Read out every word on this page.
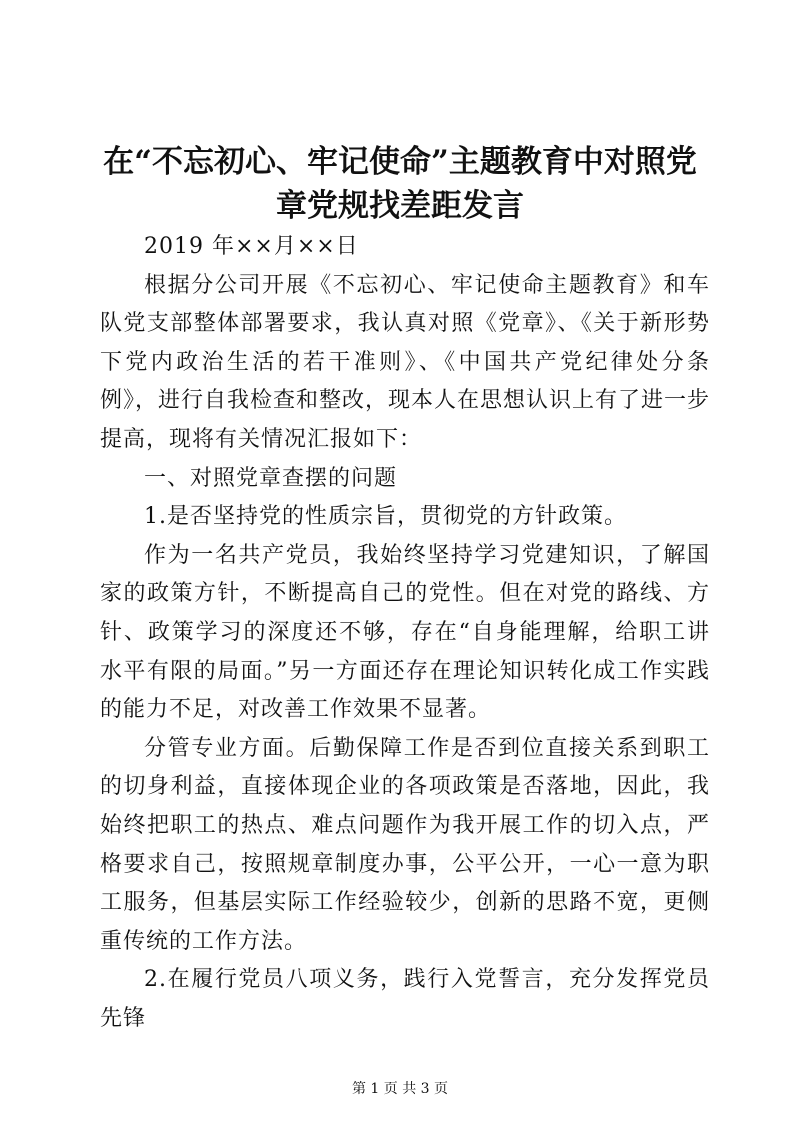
在“不忘初心、牢记使命”主题教育中对照党章党规找差距发言

2019 年××月××日

根据分公司开展《不忘初心、牢记使命主题教育》和车队党支部整体部署要求，我认真对照《党章》、《关于新形势下党内政治生活的若干准则》、《中国共产党纪律处分条例》，进行自我检查和整改，现本人在思想认识上有了进一步提高，现将有关情况汇报如下：

一、对照党章查摆的问题

1.是否坚持党的性质宗旨，贯彻党的方针政策。

作为一名共产党员，我始终坚持学习党建知识，了解国家的政策方针，不断提高自己的党性。但在对党的路线、方针、政策学习的深度还不够，存在“自身能理解，给职工讲水平有限的局面。”另一方面还存在理论知识转化成工作实践的能力不足，对改善工作效果不显著。

分管专业方面。后勤保障工作是否到位直接关系到职工的切身利益，直接体现企业的各项政策是否落地，因此，我始终把职工的热点、难点问题作为我开展工作的切入点，严格要求自己，按照规章制度办事，公平公开，一心一意为职工服务，但基层实际工作经验较少，创新的思路不宽，更侧重传统的工作方法。

2.在履行党员八项义务，践行入党誓言，充分发挥党员先锋

第 1 页 共 3 页
